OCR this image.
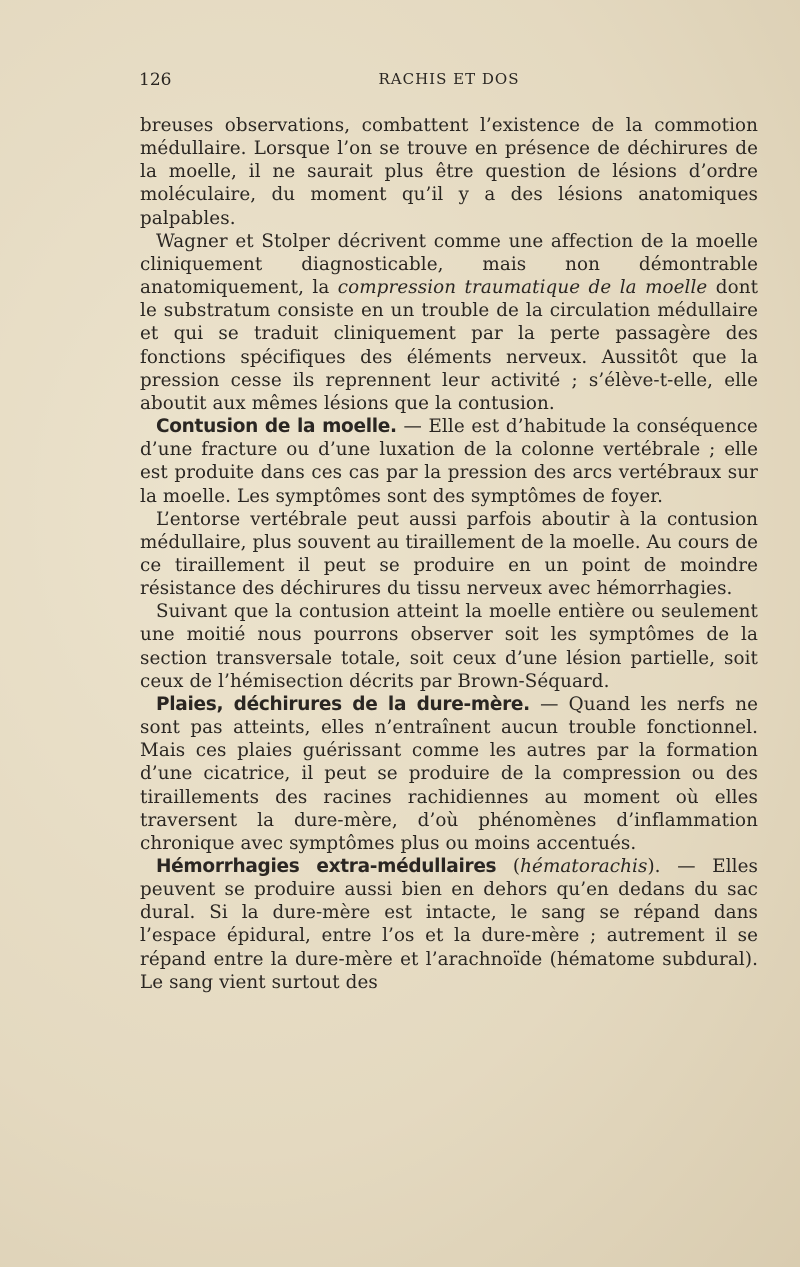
126	RACHIS ET DOS

breuses observations, combattent l’existence de la commotion médullaire. Lorsque l’on se trouve en présence de déchirures de la moelle, il ne saurait plus être question de lésions d’ordre moléculaire, du moment qu’il y a des lésions anatomiques palpables.

Wagner et Stolper décrivent comme une affection de la moelle cliniquement diagnosticable, mais non démontrable anatomiquement, la compression traumatique de la moelle dont le substratum consiste en un trouble de la circulation médullaire et qui se traduit cliniquement par la perte passagère des fonctions spécifiques des éléments nerveux. Aussitôt que la pression cesse ils reprennent leur activité ; s’élève-t-elle, elle aboutit aux mêmes lésions que la contusion.

Contusion de la moelle. — Elle est d’habitude la conséquence d’une fracture ou d’une luxation de la colonne vertébrale ; elle est produite dans ces cas par la pression des arcs vertébraux sur la moelle. Les symptômes sont des symptômes de foyer.

L’entorse vertébrale peut aussi parfois aboutir à la contusion médullaire, plus souvent au tiraillement de la moelle. Au cours de ce tiraillement il peut se produire en un point de moindre résistance des déchirures du tissu nerveux avec hémorrhagies.

Suivant que la contusion atteint la moelle entière ou seulement une moitié nous pourrons observer soit les symptômes de la section transversale totale, soit ceux d’une lésion partielle, soit ceux de l’hémisection décrits par Brown-Séquard.

Plaies, déchirures de la dure-mère. — Quand les nerfs ne sont pas atteints, elles n’entraînent aucun trouble fonctionnel. Mais ces plaies guérissant comme les autres par la formation d’une cicatrice, il peut se produire de la compression ou des tiraillements des racines rachidiennes au moment où elles traversent la dure-mère, d’où phénomènes d’inflammation chronique avec symptômes plus ou moins accentués.

Hémorrhagies extra-médullaires (hématorachis). — Elles peuvent se produire aussi bien en dehors qu’en dedans du sac dural. Si la dure-mère est intacte, le sang se répand dans l’espace épidural, entre l’os et la dure-mère ; autrement il se répand entre la dure-mère et l’arachnoïde (hématome subdural). Le sang vient surtout des
